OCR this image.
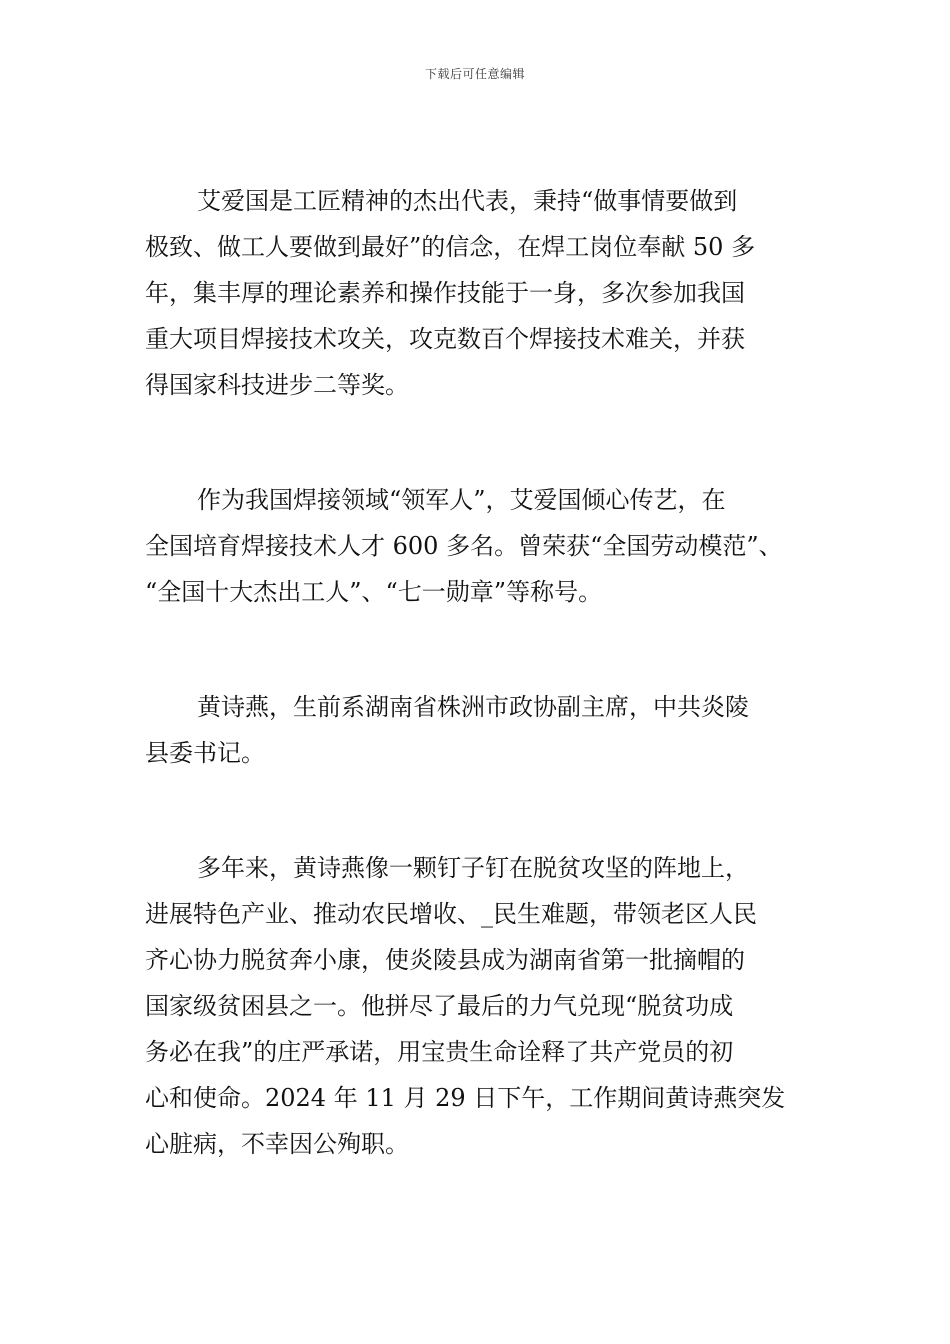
下载后可任意编辑
艾爱国是工匠精神的杰出代表，秉持“做事情要做到
极致、做工人要做到最好”的信念，在焊工岗位奉献 50 多
年，集丰厚的理论素养和操作技能于一身，多次参加我国
重大项目焊接技术攻关，攻克数百个焊接技术难关，并获
得国家科技进步二等奖。
作为我国焊接领域“领军人”，艾爱国倾心传艺，在
全国培育焊接技术人才 600 多名。曾荣获“全国劳动模范”、
“全国十大杰出工人”、“七一勋章”等称号。
黄诗燕，生前系湖南省株洲市政协副主席，中共炎陵
县委书记。
多年来，黄诗燕像一颗钉子钉在脱贫攻坚的阵地上，
进展特色产业、推动农民增收、_民生难题，带领老区人民
齐心协力脱贫奔小康，使炎陵县成为湖南省第一批摘帽的
国家级贫困县之一。他拼尽了最后的力气兑现“脱贫功成
务必在我”的庄严承诺，用宝贵生命诠释了共产党员的初
心和使命。2024 年 11 月 29 日下午，工作期间黄诗燕突发
心脏病，不幸因公殉职。
